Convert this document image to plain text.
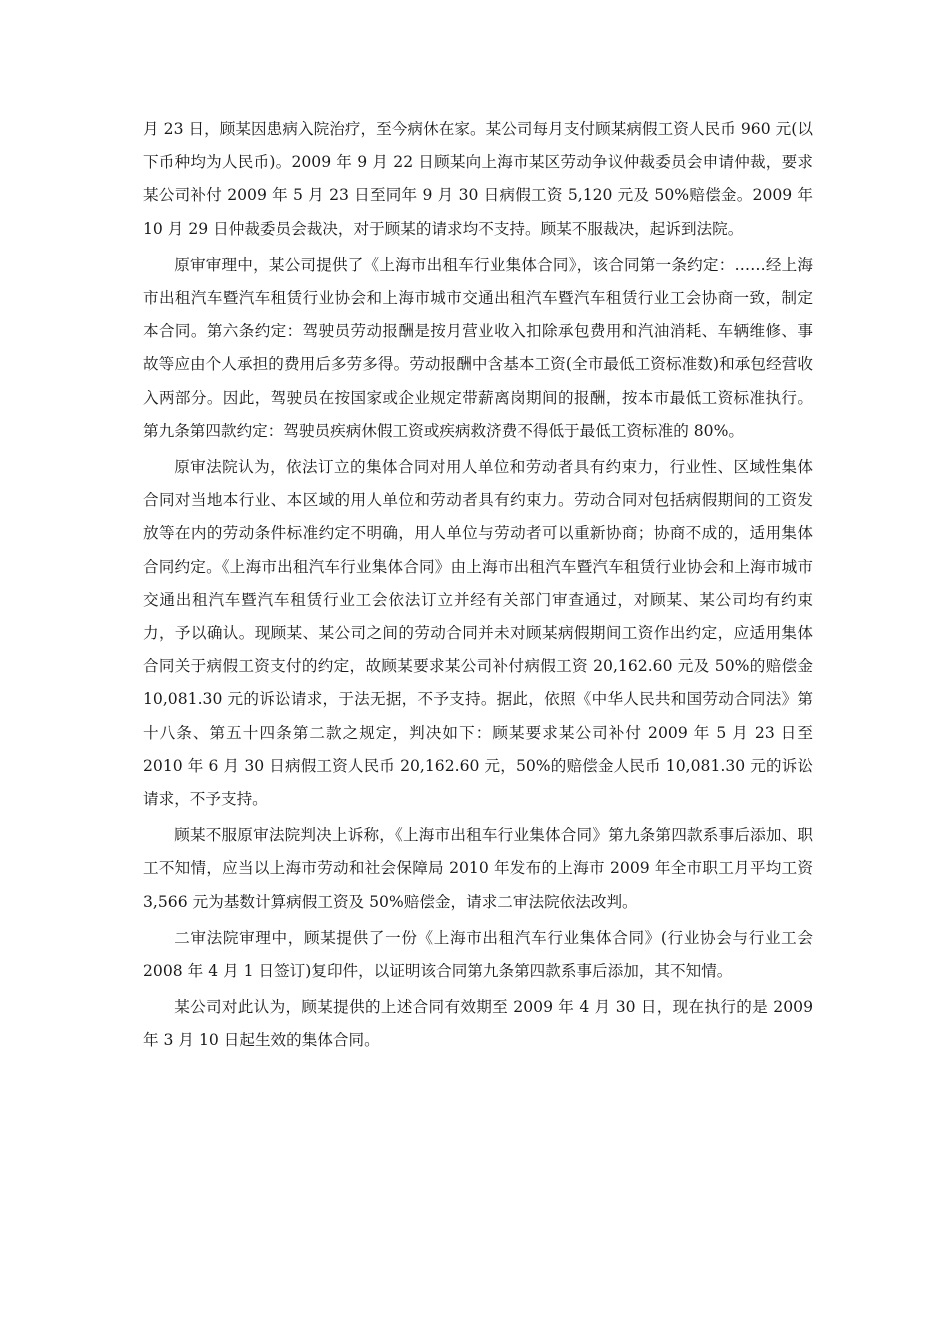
月 23 日，顾某因患病入院治疗，至今病休在家。某公司每月支付顾某病假工资人民币 960 元(以下币种均为人民币)。2009 年 9 月 22 日顾某向上海市某区劳动争议仲裁委员会申请仲裁，要求某公司补付 2009 年 5 月 23 日至同年 9 月 30 日病假工资 5,120 元及 50%赔偿金。2009 年 10 月 29 日仲裁委员会裁决，对于顾某的请求均不支持。顾某不服裁决，起诉到法院。

原审审理中，某公司提供了《上海市出租车行业集体合同》，该合同第一条约定：……经上海市出租汽车暨汽车租赁行业协会和上海市城市交通出租汽车暨汽车租赁行业工会协商一致，制定本合同。第六条约定：驾驶员劳动报酬是按月营业收入扣除承包费用和汽油消耗、车辆维修、事故等应由个人承担的费用后多劳多得。劳动报酬中含基本工资(全市最低工资标准数)和承包经营收入两部分。因此，驾驶员在按国家或企业规定带薪离岗期间的报酬，按本市最低工资标准执行。第九条第四款约定：驾驶员疾病休假工资或疾病救济费不得低于最低工资标准的 80%。

原审法院认为，依法订立的集体合同对用人单位和劳动者具有约束力，行业性、区域性集体合同对当地本行业、本区域的用人单位和劳动者具有约束力。劳动合同对包括病假期间的工资发放等在内的劳动条件标准约定不明确，用人单位与劳动者可以重新协商；协商不成的，适用集体合同约定。《上海市出租汽车行业集体合同》由上海市出租汽车暨汽车租赁行业协会和上海市城市交通出租汽车暨汽车租赁行业工会依法订立并经有关部门审查通过，对顾某、某公司均有约束力，予以确认。现顾某、某公司之间的劳动合同并未对顾某病假期间工资作出约定，应适用集体合同关于病假工资支付的约定，故顾某要求某公司补付病假工资 20,162.60 元及 50%的赔偿金 10,081.30 元的诉讼请求，于法无据，不予支持。据此，依照《中华人民共和国劳动合同法》第十八条、第五十四条第二款之规定，判决如下：顾某要求某公司补付 2009 年 5 月 23 日至 2010 年 6 月 30 日病假工资人民币 20,162.60 元，50%的赔偿金人民币 10,081.30 元的诉讼请求，不予支持。

顾某不服原审法院判决上诉称，《上海市出租车行业集体合同》第九条第四款系事后添加、职工不知情，应当以上海市劳动和社会保障局 2010 年发布的上海市 2009 年全市职工月平均工资 3,566 元为基数计算病假工资及 50%赔偿金，请求二审法院依法改判。

二审法院审理中，顾某提供了一份《上海市出租汽车行业集体合同》(行业协会与行业工会 2008 年 4 月 1 日签订)复印件，以证明该合同第九条第四款系事后添加，其不知情。

某公司对此认为，顾某提供的上述合同有效期至 2009 年 4 月 30 日，现在执行的是 2009 年 3 月 10 日起生效的集体合同。
